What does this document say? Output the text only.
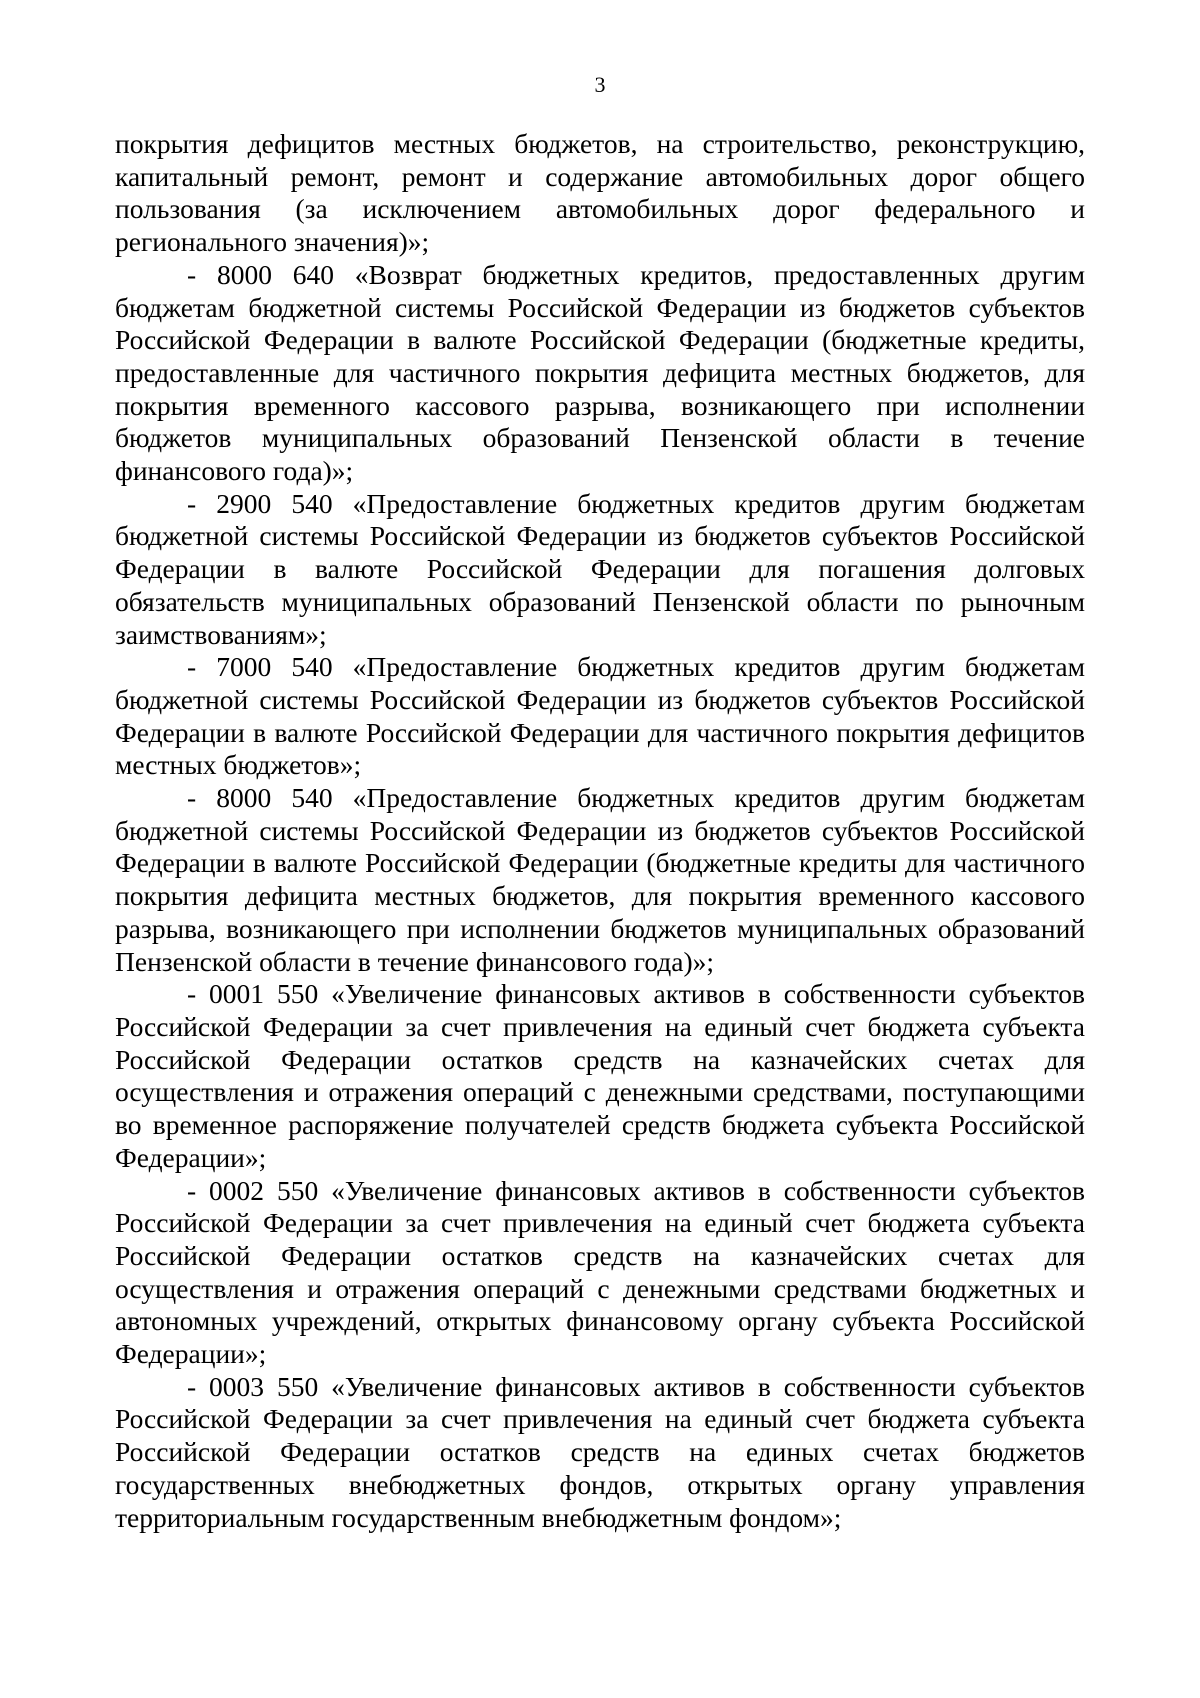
3

покрытия дефицитов местных бюджетов, на строительство, реконструкцию, капитальный ремонт, ремонт и содержание автомобильных дорог общего пользования (за исключением автомобильных дорог федерального и регионального значения)»;

- 8000 640 «Возврат бюджетных кредитов, предоставленных другим бюджетам бюджетной системы Российской Федерации из бюджетов субъектов Российской Федерации в валюте Российской Федерации (бюджетные кредиты, предоставленные для частичного покрытия дефицита местных бюджетов, для покрытия временного кассового разрыва, возникающего при исполнении бюджетов муниципальных образований Пензенской области в течение финансового года)»;

- 2900 540 «Предоставление бюджетных кредитов другим бюджетам бюджетной системы Российской Федерации из бюджетов субъектов Российской Федерации в валюте Российской Федерации для погашения долговых обязательств муниципальных образований Пензенской области по рыночным заимствованиям»;

- 7000 540 «Предоставление бюджетных кредитов другим бюджетам бюджетной системы Российской Федерации из бюджетов субъектов Российской Федерации в валюте Российской Федерации для частичного покрытия дефицитов местных бюджетов»;

- 8000 540 «Предоставление бюджетных кредитов другим бюджетам бюджетной системы Российской Федерации из бюджетов субъектов Российской Федерации в валюте Российской Федерации (бюджетные кредиты для частичного покрытия дефицита местных бюджетов, для покрытия временного кассового разрыва, возникающего при исполнении бюджетов муниципальных образований Пензенской области в течение финансового года)»;

- 0001 550 «Увеличение финансовых активов в собственности субъектов Российской Федерации за счет привлечения на единый счет бюджета субъекта Российской Федерации остатков средств на казначейских счетах для осуществления и отражения операций с денежными средствами, поступающими во временное распоряжение получателей средств бюджета субъекта Российской Федерации»;

- 0002 550 «Увеличение финансовых активов в собственности субъектов Российской Федерации за счет привлечения на единый счет бюджета субъекта Российской Федерации остатков средств на казначейских счетах для осуществления и отражения операций с денежными средствами бюджетных и автономных учреждений, открытых финансовому органу субъекта Российской Федерации»;

- 0003 550 «Увеличение финансовых активов в собственности субъектов Российской Федерации за счет привлечения на единый счет бюджета субъекта Российской Федерации остатков средств на единых счетах бюджетов государственных внебюджетных фондов, открытых органу управления территориальным государственным внебюджетным фондом»;
